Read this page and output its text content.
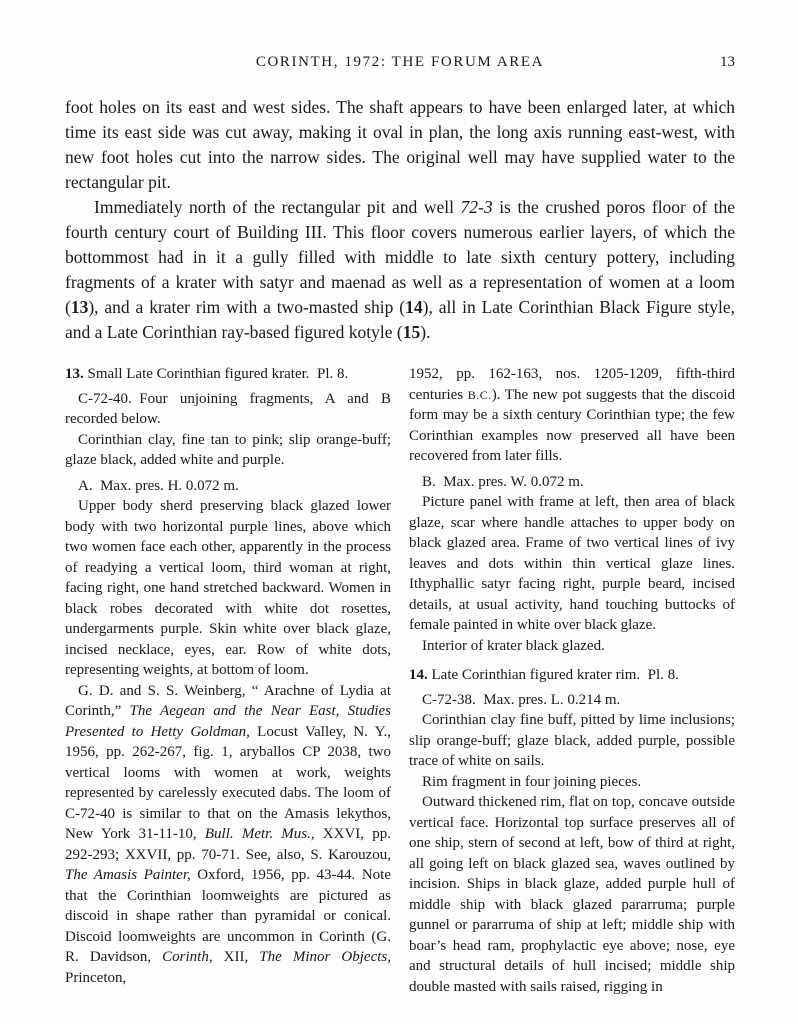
CORINTH, 1972: THE FORUM AREA	13

foot holes on its east and west sides. The shaft appears to have been enlarged later, at which time its east side was cut away, making it oval in plan, the long axis running east-west, with new foot holes cut into the narrow sides. The original well may have supplied water to the rectangular pit.

Immediately north of the rectangular pit and well 72-3 is the crushed poros floor of the fourth century court of Building III. This floor covers numerous earlier layers, of which the bottommost had in it a gully filled with middle to late sixth century pottery, including fragments of a krater with satyr and maenad as well as a representation of women at a loom (13), and a krater rim with a two-masted ship (14), all in Late Corinthian Black Figure style, and a Late Corinthian ray-based figured kotyle (15).

13. Small Late Corinthian figured krater. Pl. 8.

C-72-40. Four unjoining fragments, A and B recorded below.

Corinthian clay, fine tan to pink; slip orange-buff; glaze black, added white and purple.

A. Max. pres. H. 0.072 m.

Upper body sherd preserving black glazed lower body with two horizontal purple lines, above which two women face each other, apparently in the process of readying a vertical loom, third woman at right, facing right, one hand stretched backward. Women in black robes decorated with white dot rosettes, undergarments purple. Skin white over black glaze, incised necklace, eyes, ear. Row of white dots, representing weights, at bottom of loom.

G. D. and S. S. Weinberg, “ Arachne of Lydia at Corinth,” The Aegean and the Near East, Studies Presented to Hetty Goldman, Locust Valley, N. Y., 1956, pp. 262-267, fig. 1, aryballos CP 2038, two vertical looms with women at work, weights represented by carelessly executed dabs. The loom of C-72-40 is similar to that on the Amasis lekythos, New York 31-11-10, Bull. Metr. Mus., XXVI, pp. 292-293; XXVII, pp. 70-71. See, also, S. Karouzou, The Amasis Painter, Oxford, 1956, pp. 43-44. Note that the Corinthian loomweights are pictured as discoid in shape rather than pyramidal or conical. Discoid loomweights are uncommon in Corinth (G. R. Davidson, Corinth, XII, The Minor Objects, Princeton,

1952, pp. 162-163, nos. 1205-1209, fifth-third centuries B.C.). The new pot suggests that the discoid form may be a sixth century Corinthian type; the few Corinthian examples now preserved all have been recovered from later fills.

B. Max. pres. W. 0.072 m.

Picture panel with frame at left, then area of black glaze, scar where handle attaches to upper body on black glazed area. Frame of two vertical lines of ivy leaves and dots within thin vertical glaze lines. Ithyphallic satyr facing right, purple beard, incised details, at usual activity, hand touching buttocks of female painted in white over black glaze.

Interior of krater black glazed.

14. Late Corinthian figured krater rim. Pl. 8.

C-72-38. Max. pres. L. 0.214 m.

Corinthian clay fine buff, pitted by lime inclusions; slip orange-buff; glaze black, added purple, possible trace of white on sails.

Rim fragment in four joining pieces.

Outward thickened rim, flat on top, concave outside vertical face. Horizontal top surface preserves all of one ship, stern of second at left, bow of third at right, all going left on black glazed sea, waves outlined by incision. Ships in black glaze, added purple hull of middle ship with black glazed pararruma; purple gunnel or pararruma of ship at left; middle ship with boar’s head ram, prophylactic eye above; nose, eye and structural details of hull incised; middle ship double masted with sails raised, rigging in
